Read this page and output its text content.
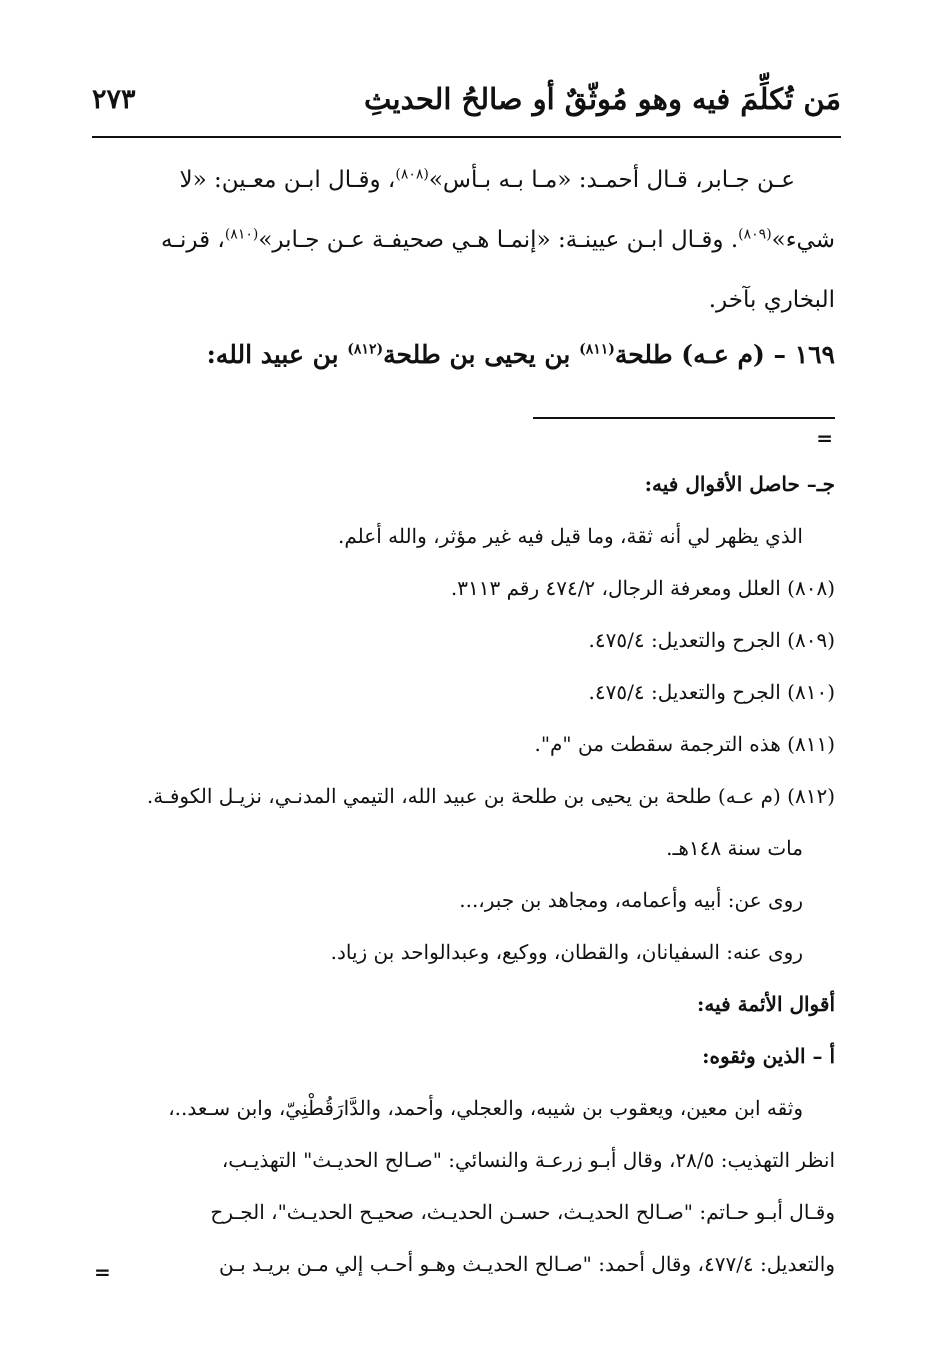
مَن تُكلِّمَ فيه وهو مُوثّقٌ أو صالحُ الحديثِ
٢٧٣
عـن جـابر، قـال أحمـد: «مـا بـه بـأس»$^{(٨٠٨)}$، وقـال ابـن معـين: «لا
شيء»$^{(٨٠٩)}$. وقـال ابـن عيينـة: «إنمـا هـي صحيفـة عـن جـابر»$^{(٨١٠)}$، قرنـه
البخاري بآخر.
١٦٩ – (م عـه) طلحة$^{(٨١١)}$ بن يحيى بن طلحة$^{(٨١٢)}$ بن عبيد الله:
=
جـ– حاصل الأقوال فيه:
الذي يظهر لي أنه ثقة، وما قيل فيه غير مؤثر، والله أعلم.
(٨٠٨) العلل ومعرفة الرجال، ٤٧٤/٢ رقم ٣١١٣.
(٨٠٩) الجرح والتعديل: ٤٧٥/٤.
(٨١٠) الجرح والتعديل: ٤٧٥/٤.
(٨١١) هذه الترجمة سقطت من "م".
(٨١٢) (م عـه) طلحة بن يحيى بن طلحة بن عبيد الله، التيمي المدنـي، نزيـل الكوفـة.
مات سنة ١٤٨هـ.
روى عن: أبيه وأعمامه، ومجاهد بن جبر،...
روى عنه: السفيانان، والقطان، ووكيع، وعبدالواحد بن زياد.
أقوال الأئمة فيه:
أ – الذين وثقوه:
وثقه ابن معين، ويعقوب بن شيبه، والعجلي، وأحمد، والدَّارَقُطْنِيّ، وابن سـعد..،
انظر التهذيب: ٢٨/٥، وقال أبـو زرعـة والنسائي: "صـالح الحديـث" التهذيـب،
وقـال أبـو حـاتم: "صـالح الحديـث، حسـن الحديـث، صحيـح الحديـث"، الجـرح
والتعديل: ٤٧٧/٤، وقال أحمد: "صـالح الحديـث وهـو أحـب إلي مـن بريـد بـن
=
